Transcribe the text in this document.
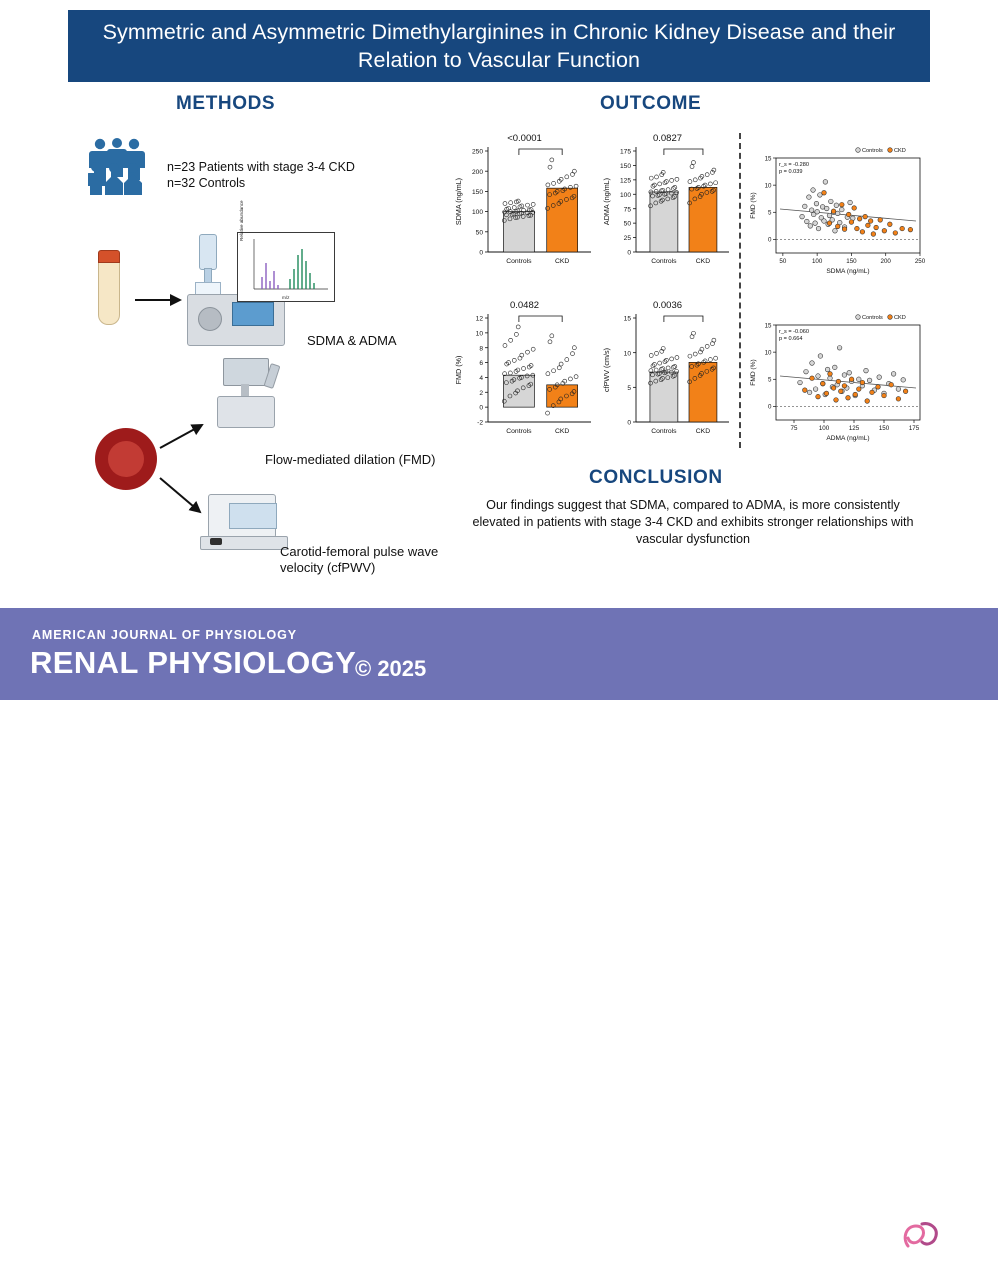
Symmetric and Asymmetric Dimethylarginines in Chronic Kidney Disease and their Relation to Vascular Function
METHODS	OUTCOME
CONCLUSION
n=23 Patients with stage 3-4 CKD
n=32 Controls
Relative abundance
m/z
SDMA & ADMA
Flow-mediated dilation (FMD)
Carotid-femoral pulse wave velocity (cfPWV)
<0.0001
0
50
100
150
200
250
SDMA (ng/mL)
Controls	CKD
0.0827
0
25
50
75
100
125
150
175
ADMA (ng/mL)
Controls	CKD	50	100	150	200	250
0
5
10
15
SDMA (ng/mL)
FMD (%)
r_s = -0.280
p = 0.039
Controls CKD
0.0482
-2
0
2
4
6
8
10
12
FMD (%)
Controls	CKD
0.0036
0
5
10
15
cfPWV (cm/s)
Controls	CKD	75	100	125	150	175
0
5
10
15
ADMA (ng/mL)
FMD (%)
r_s = -0.060
p = 0.664
Controls CKD
Our findings suggest that SDMA, compared to ADMA, is more consistently elevated in patients with stage 3-4 CKD and exhibits stronger relationships with vascular dysfunction
AMERICAN JOURNAL OF PHYSIOLOGY
RENAL PHYSIOLOGY
© 2025
american
physiological
society
